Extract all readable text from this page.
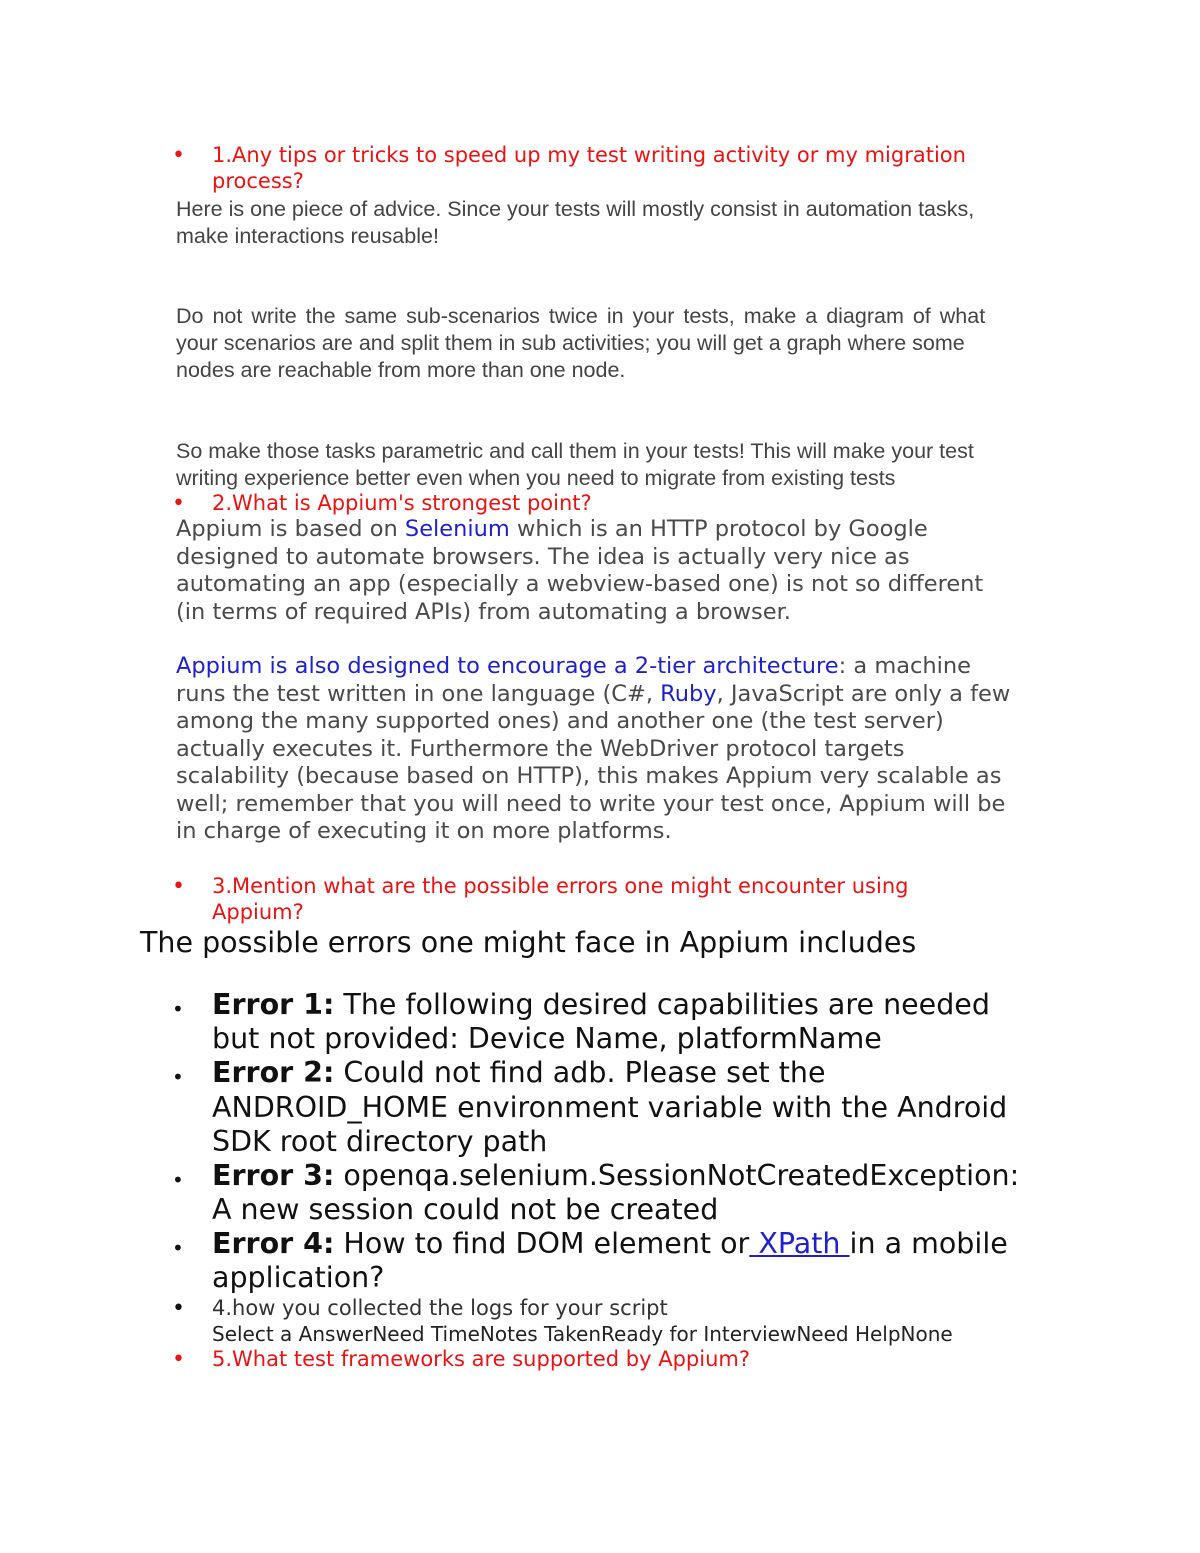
• 1.Any tips or tricks to speed up my test writing activity or my migration

process?

Here is one piece of advice. Since your tests will mostly consist in automation tasks,

make interactions reusable!

Do not write the same sub-scenarios twice in your tests, make a diagram of what

your scenarios are and split them in sub activities; you will get a graph where some

nodes are reachable from more than one node.

So make those tasks parametric and call them in your tests! This will make your test

writing experience better even when you need to migrate from existing tests

• 2.What is Appium's strongest point?

Appium is based on Selenium which is an HTTP protocol by Google

designed to automate browsers. The idea is actually very nice as

automating an app (especially a webview-based one) is not so different

(in terms of required APIs) from automating a browser.

Appium is also designed to encourage a 2-tier architecture: a machine

runs the test written in one language (C#, Ruby, JavaScript are only a few

among the many supported ones) and another one (the test server)

actually executes it. Furthermore the WebDriver protocol targets

scalability (because based on HTTP), this makes Appium very scalable as

well; remember that you will need to write your test once, Appium will be

in charge of executing it on more platforms.

• 3.Mention what are the possible errors one might encounter using

Appium?

The possible errors one might face in Appium includes

• Error 1: The following desired capabilities are needed

but not provided: Device Name, platformName

• Error 2: Could not find adb. Please set the

ANDROID_HOME environment variable with the Android

SDK root directory path

• Error 3: openqa.selenium.SessionNotCreatedException:

A new session could not be created

• Error 4: How to find DOM element or XPath in a mobile

application?

• 4.how you collected the logs for your script

Select a AnswerNeed TimeNotes TakenReady for InterviewNeed HelpNone

• 5.What test frameworks are supported by Appium?
